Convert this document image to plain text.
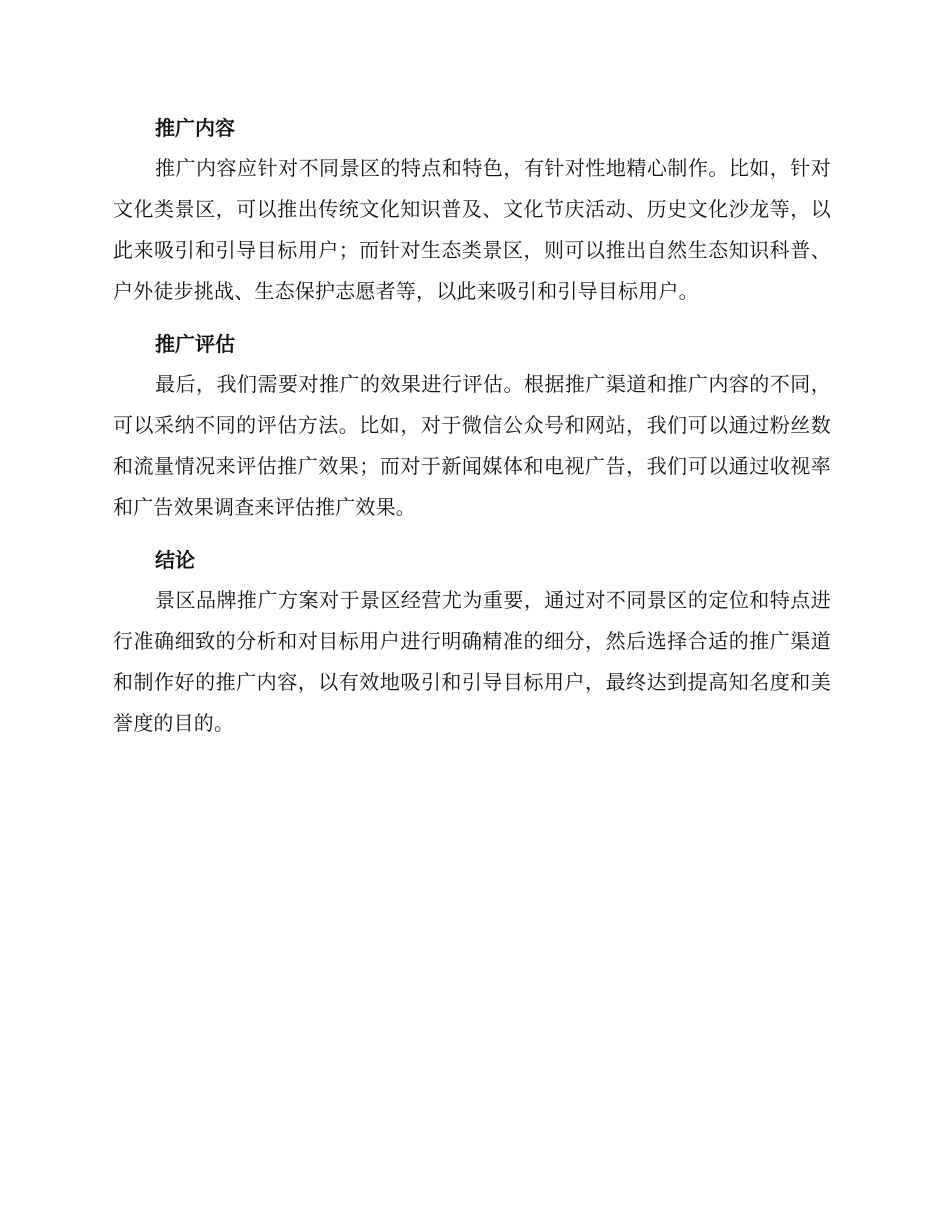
推广内容

推广内容应针对不同景区的特点和特色，有针对性地精心制作。比如，针对文化类景区，可以推出传统文化知识普及、文化节庆活动、历史文化沙龙等，以此来吸引和引导目标用户；而针对生态类景区，则可以推出自然生态知识科普、户外徒步挑战、生态保护志愿者等，以此来吸引和引导目标用户。

推广评估

最后，我们需要对推广的效果进行评估。根据推广渠道和推广内容的不同，可以采纳不同的评估方法。比如，对于微信公众号和网站，我们可以通过粉丝数和流量情况来评估推广效果；而对于新闻媒体和电视广告，我们可以通过收视率和广告效果调查来评估推广效果。

结论

景区品牌推广方案对于景区经营尤为重要，通过对不同景区的定位和特点进行准确细致的分析和对目标用户进行明确精准的细分，然后选择合适的推广渠道和制作好的推广内容，以有效地吸引和引导目标用户，最终达到提高知名度和美誉度的目的。
